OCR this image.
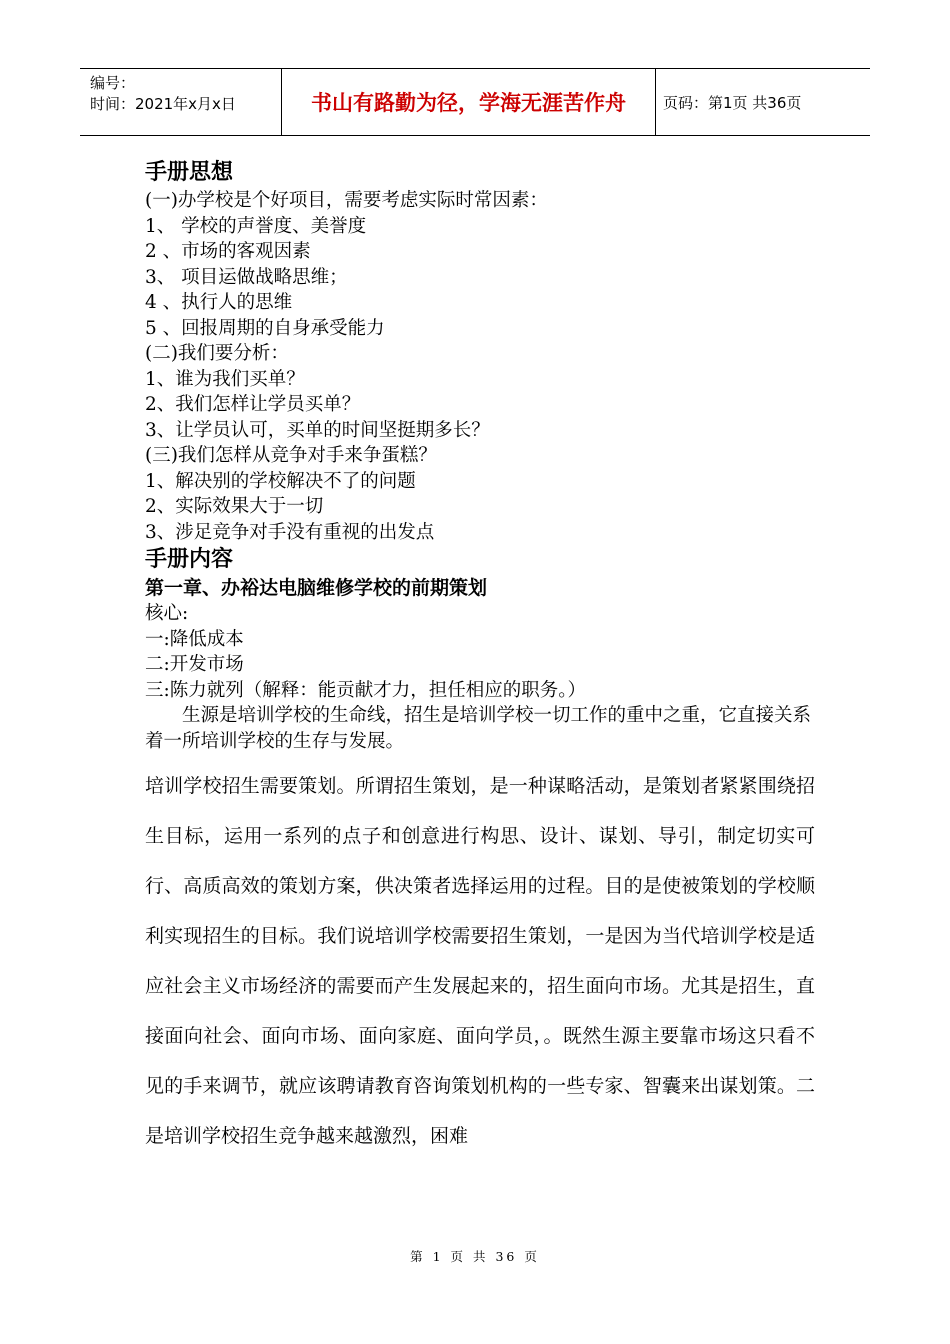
编号：
时间：2021年x月x日	书山有路勤为径，学海无涯苦作舟	页码：第1页 共36页
手册思想
(一)办学校是个好项目，需要考虑实际时常因素：
1、 学校的声誉度、美誉度
2 、市场的客观因素
3、 项目运做战略思维；
4 、执行人的思维
5 、回报周期的自身承受能力
(二)我们要分析：
1、谁为我们买单？
2、我们怎样让学员买单？
3、让学员认可，买单的时间坚挺期多长？
(三)我们怎样从竞争对手来争蛋糕？
1、解决别的学校解决不了的问题
2、实际效果大于一切
3、涉足竞争对手没有重视的出发点
手册内容
第一章、办裕达电脑维修学校的前期策划
核心:
一:降低成本
二:开发市场
三:陈力就列（解释：能贡献才力，担任相应的职务。）
生源是培训学校的生命线，招生是培训学校一切工作的重中之重，它直接关系着一所培训学校的生存与发展。
培训学校招生需要策划。所谓招生策划，是一种谋略活动，是策划者紧紧围绕招生目标，运用一系列的点子和创意进行构思、设计、谋划、导引，制定切实可行、高质高效的策划方案，供决策者选择运用的过程。目的是使被策划的学校顺利实现招生的目标。我们说培训学校需要招生策划，一是因为当代培训学校是适应社会主义市场经济的需要而产生发展起来的，招生面向市场。尤其是招生，直接面向社会、面向市场、面向家庭、面向学员，。既然生源主要靠市场这只看不见的手来调节，就应该聘请教育咨询策划机构的一些专家、智囊来出谋划策。二是培训学校招生竞争越来越激烈，困难
第 1 页 共 36 页
